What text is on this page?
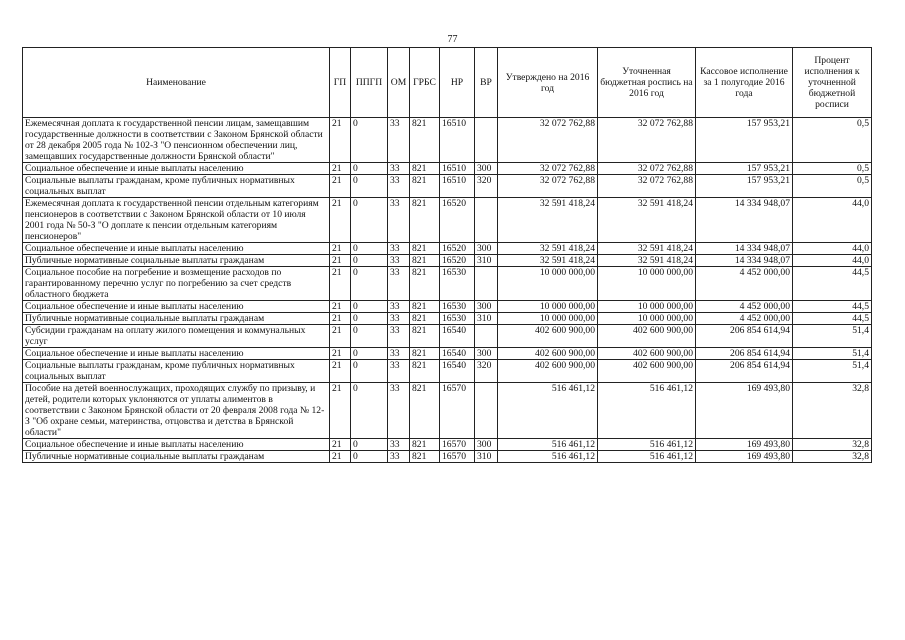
77
Наименование	ГП	ППГП	ОМ	ГРБС	НР	ВР	Утверждено на 2016 год	Уточненная бюджетная роспись на 2016 год	Кассовое исполнение за 1 полугодие 2016 года	Процент исполнения к уточненной бюджетной росписи
Ежемесячная доплата к государственной пенсии лицам, замещавшим государственные должности в соответствии с Законом Брянской области от 28 декабря 2005 года № 102-З "О пенсионном обеспечении лиц, замещавших государственные должности Брянской области"	21	0	33	821	16510		32 072 762,88	32 072 762,88	157 953,21	0,5
Социальное обеспечение и иные выплаты населению	21	0	33	821	16510	300	32 072 762,88	32 072 762,88	157 953,21	0,5
Социальные выплаты гражданам, кроме публичных нормативных социальных выплат	21	0	33	821	16510	320	32 072 762,88	32 072 762,88	157 953,21	0,5
Ежемесячная доплата к государственной пенсии отдельным категориям пенсионеров в соответствии с Законом Брянской области от 10 июля 2001 года № 50-З "О доплате к пенсии отдельным категориям пенсионеров"	21	0	33	821	16520		32 591 418,24	32 591 418,24	14 334 948,07	44,0
Социальное обеспечение и иные выплаты населению	21	0	33	821	16520	300	32 591 418,24	32 591 418,24	14 334 948,07	44,0
Публичные нормативные социальные выплаты гражданам	21	0	33	821	16520	310	32 591 418,24	32 591 418,24	14 334 948,07	44,0
Социальное пособие на погребение и возмещение расходов по гарантированному перечню услуг по погребению за счет средств областного бюджета	21	0	33	821	16530		10 000 000,00	10 000 000,00	4 452 000,00	44,5
Социальное обеспечение и иные выплаты населению	21	0	33	821	16530	300	10 000 000,00	10 000 000,00	4 452 000,00	44,5
Публичные нормативные социальные выплаты гражданам	21	0	33	821	16530	310	10 000 000,00	10 000 000,00	4 452 000,00	44,5
Субсидии гражданам на оплату жилого помещения и коммунальных услуг	21	0	33	821	16540		402 600 900,00	402 600 900,00	206 854 614,94	51,4
Социальное обеспечение и иные выплаты населению	21	0	33	821	16540	300	402 600 900,00	402 600 900,00	206 854 614,94	51,4
Социальные выплаты гражданам, кроме публичных нормативных социальных выплат	21	0	33	821	16540	320	402 600 900,00	402 600 900,00	206 854 614,94	51,4
Пособие на детей военнослужащих, проходящих службу по призыву, и детей, родители которых уклоняются от уплаты алиментов в соответствии с Законом Брянской области от 20 февраля 2008 года № 12-З "Об охране семьи, материнства, отцовства и детства в Брянской области"	21	0	33	821	16570		516 461,12	516 461,12	169 493,80	32,8
Социальное обеспечение и иные выплаты населению	21	0	33	821	16570	300	516 461,12	516 461,12	169 493,80	32,8
Публичные нормативные социальные выплаты гражданам	21	0	33	821	16570	310	516 461,12	516 461,12	169 493,80	32,8
